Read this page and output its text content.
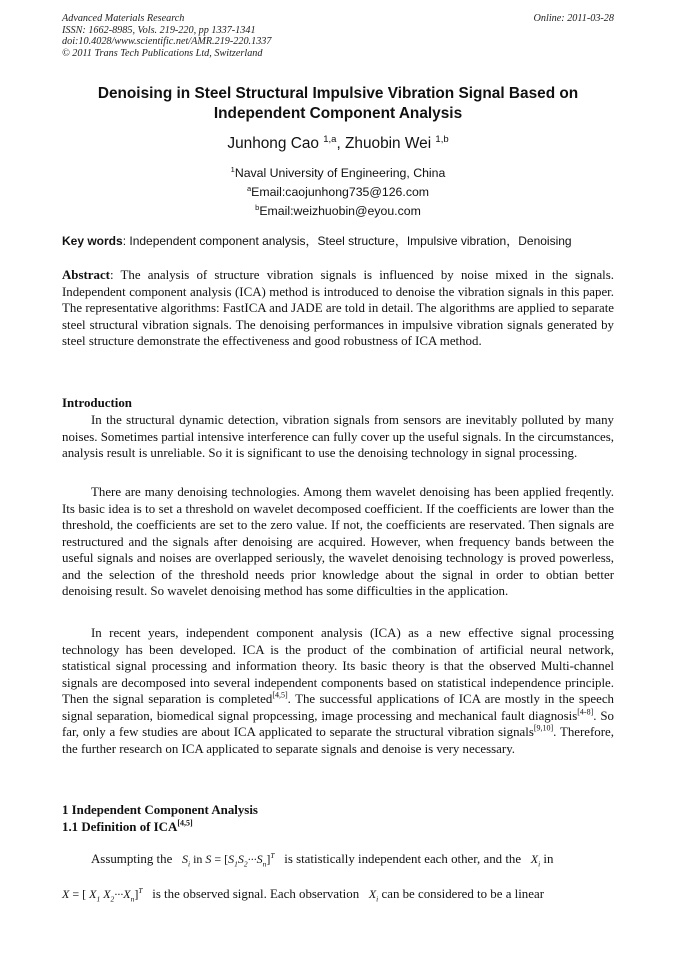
Advanced Materials Research
ISSN: 1662-8985, Vols. 219-220, pp 1337-1341
doi:10.4028/www.scientific.net/AMR.219-220.1337
© 2011 Trans Tech Publications Ltd, Switzerland
Online: 2011-03-28
Denoising in Steel Structural Impulsive Vibration Signal Based on
Independent Component Analysis
Junhong Cao $^{1,a}$, Zhuobin Wei $^{1,b}$
$^1$Naval University of Engineering, China
$^a$Email:caojunhong735@126.com
$^b$Email:weizhuobin@eyou.com
Key words: Independent component analysis，Steel structure，Impulsive vibration，Denoising
Abstract: The analysis of structure vibration signals is influenced by noise mixed in the signals. Independent component analysis (ICA) method is introduced to denoise the vibration signals in this paper. The representative algorithms: FastICA and JADE are told in detail. The algorithms are applied to separate steel structural vibration signals. The denoising performances in impulsive vibration signals generated by steel structure demonstrate the effectiveness and good robustness of ICA method.
Introduction
In the structural dynamic detection, vibration signals from sensors are inevitably polluted by many noises. Sometimes partial intensive interference can fully cover up the useful signals. In the circumstances, analysis result is unreliable. So it is significant to use the denoising technology in signal processing.
There are many denoising technologies. Among them wavelet denoising has been applied freqently. Its basic idea is to set a threshold on wavelet decomposed coefficient. If the coefficients are lower than the threshold, the coefficients are set to the zero value. If not, the coefficients are reservated. Then signals are restructured and the signals after denoising are acquired. However, when frequency bands between the useful signals and noises are overlapped seriously, the wavelet denoising technology is proved powerless, and the selection of the threshold needs prior knowledge about the signal in order to obtian better denoising result. So wavelet denoising method has some difficulties in the application.
In recent years, independent component analysis (ICA) as a new effective signal processing technology has been developed. ICA is the product of the combination of artificial neural network, statistical signal processing and information theory. Its basic theory is that the observed Multi-channel signals are decomposed into several independent components based on statistical independence principle. Then the signal separation is completed[4,5]. The successful applications of ICA are mostly in the speech signal separation, biomedical signal propcessing, image processing and mechanical fault diagnosis[4-8]. So far, only a few studies are about ICA applicated to separate the structural vibration signals[9,10]. Therefore, the further research on ICA applicated to separate signals and denoise is very necessary.
1 Independent Component Analysis
1.1 Definition of ICA[4,5]
Assumpting the $S_i$ in $S = [S_1S_2\cdot\cdot\cdot S_n]^T$ is statistically independent each other, and the $X_i$ in
X = [ $X_1$ $X_2\cdot\cdot\cdot X_n]^T$ is the observed signal. Each observation $X_i$ can be considered to be a linear
